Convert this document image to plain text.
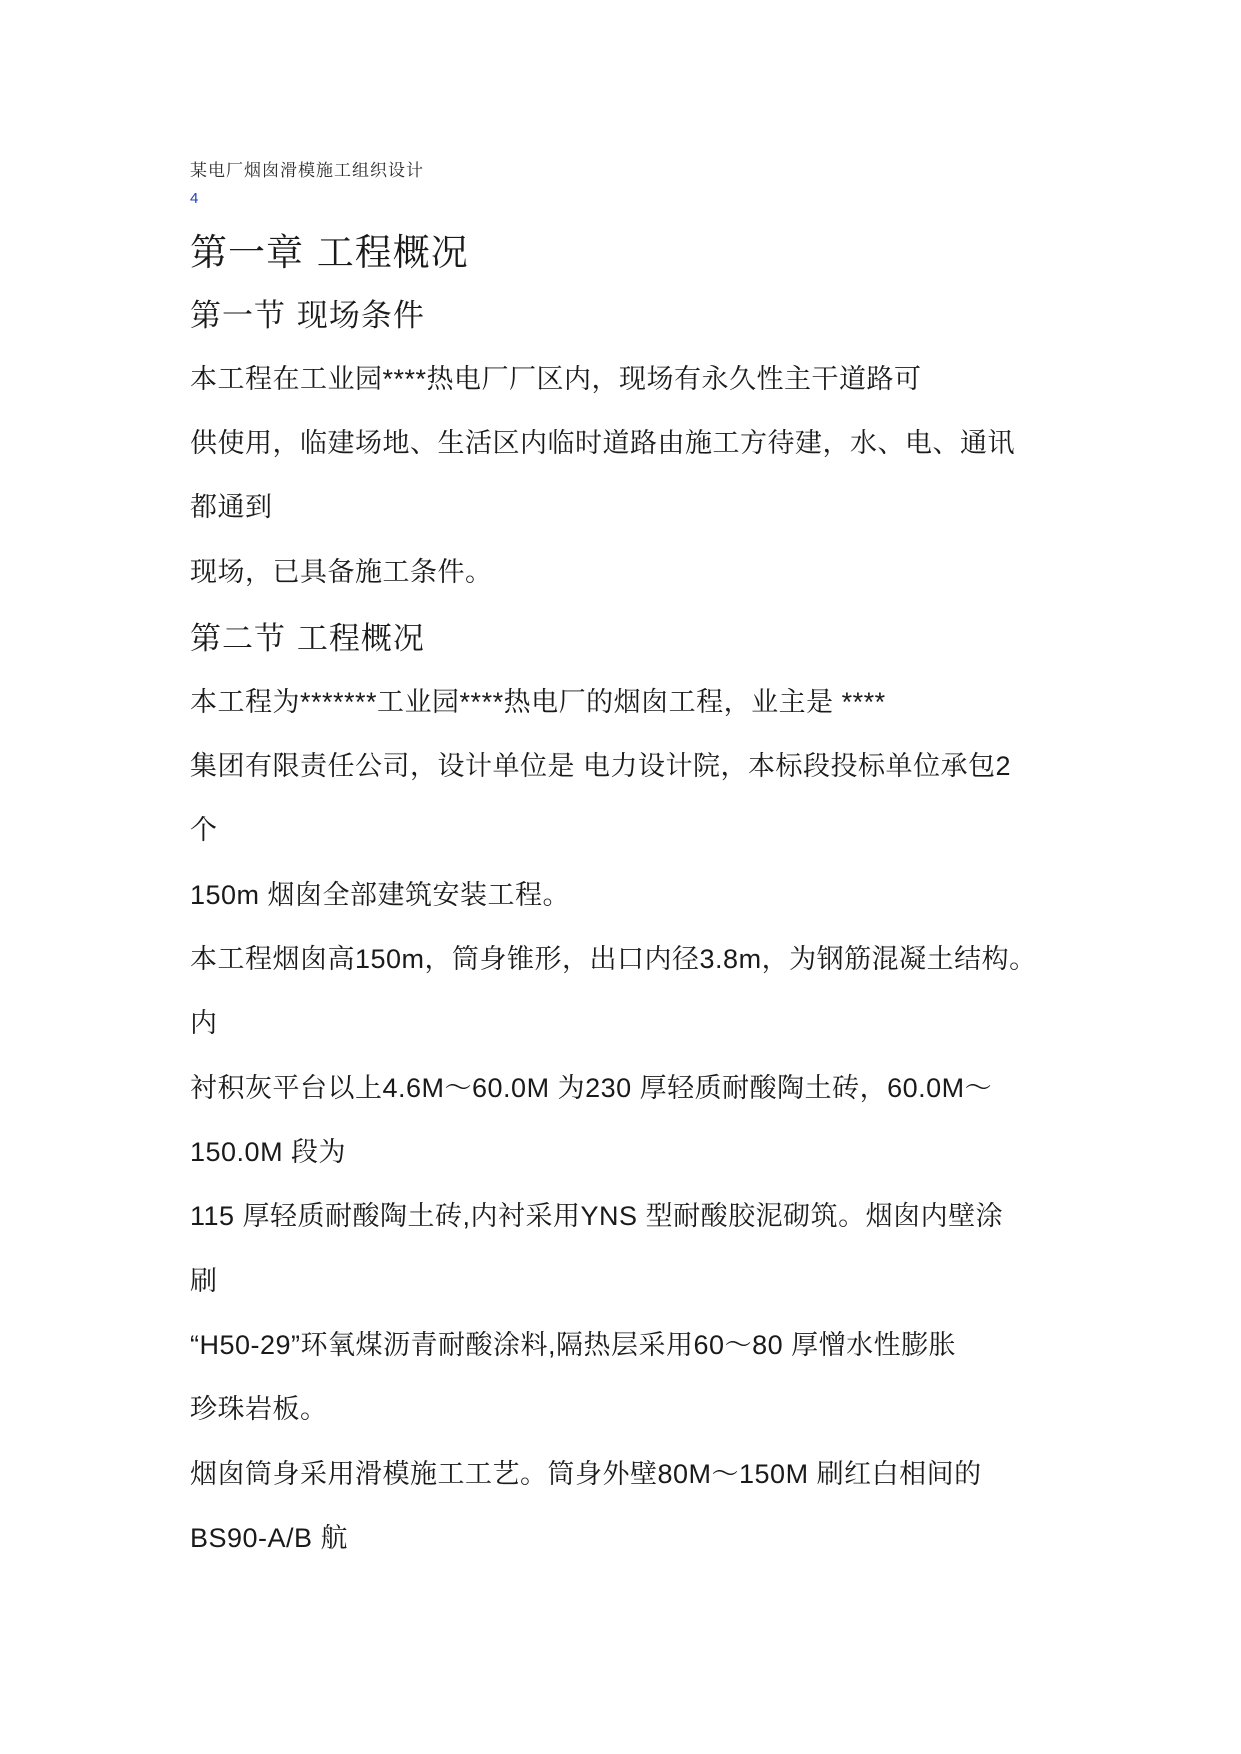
某电厂烟囱滑模施工组织设计
4
第一章 工程概况
第一节 现场条件
本工程在工业园****热电厂厂区内，现场有永久性主干道路可
供使用，临建场地、生活区内临时道路由施工方待建，水、电、通讯
都通到
现场，已具备施工条件。
第二节 工程概况
本工程为*******工业园****热电厂的烟囱工程，业主是 ****
集团有限责任公司，设计单位是 电力设计院，本标段投标单位承包2
个
150m 烟囱全部建筑安装工程。
本工程烟囱高150m，筒身锥形，出口内径3.8m，为钢筋混凝土结构。
内
衬积灰平台以上4.6M～60.0M 为230 厚轻质耐酸陶土砖，60.0M～
150.0M 段为
115 厚轻质耐酸陶土砖,内衬采用YNS 型耐酸胶泥砌筑。烟囱内壁涂
刷
“H50-29”环氧煤沥青耐酸涂料,隔热层采用60～80 厚憎水性膨胀
珍珠岩板。
烟囱筒身采用滑模施工工艺。筒身外壁80M～150M 刷红白相间的
BS90-A/B 航
